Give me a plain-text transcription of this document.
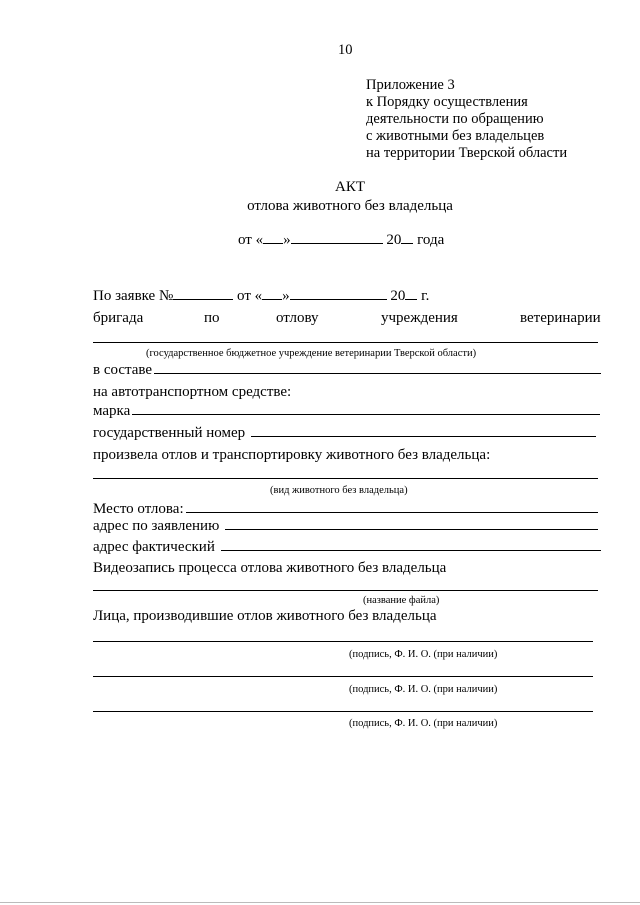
10
Приложение 3
к Порядку осуществления
деятельности по обращению
с животными без владельцев
на территории Тверской области
АКТ
отлова животного без владельца
от « »	20 года
По заявке №	от « »	20 г.
бригада	по	отлову	учреждения	ветеринарии
(государственное бюджетное учреждение ветеринарии Тверской области)
в составе
на автотранспортном средстве:
марка
государственный номер
произвела отлов и транспортировку животного без владельца:
(вид животного без владельца)
Место отлова:
адрес по заявлению
адрес фактический
Видеозапись процесса отлова животного без владельца
(название файла)
Лица, производившие отлов животного без владельца
(подпись, Ф. И. О. (при наличии)
(подпись, Ф. И. О. (при наличии)
(подпись, Ф. И. О. (при наличии)
